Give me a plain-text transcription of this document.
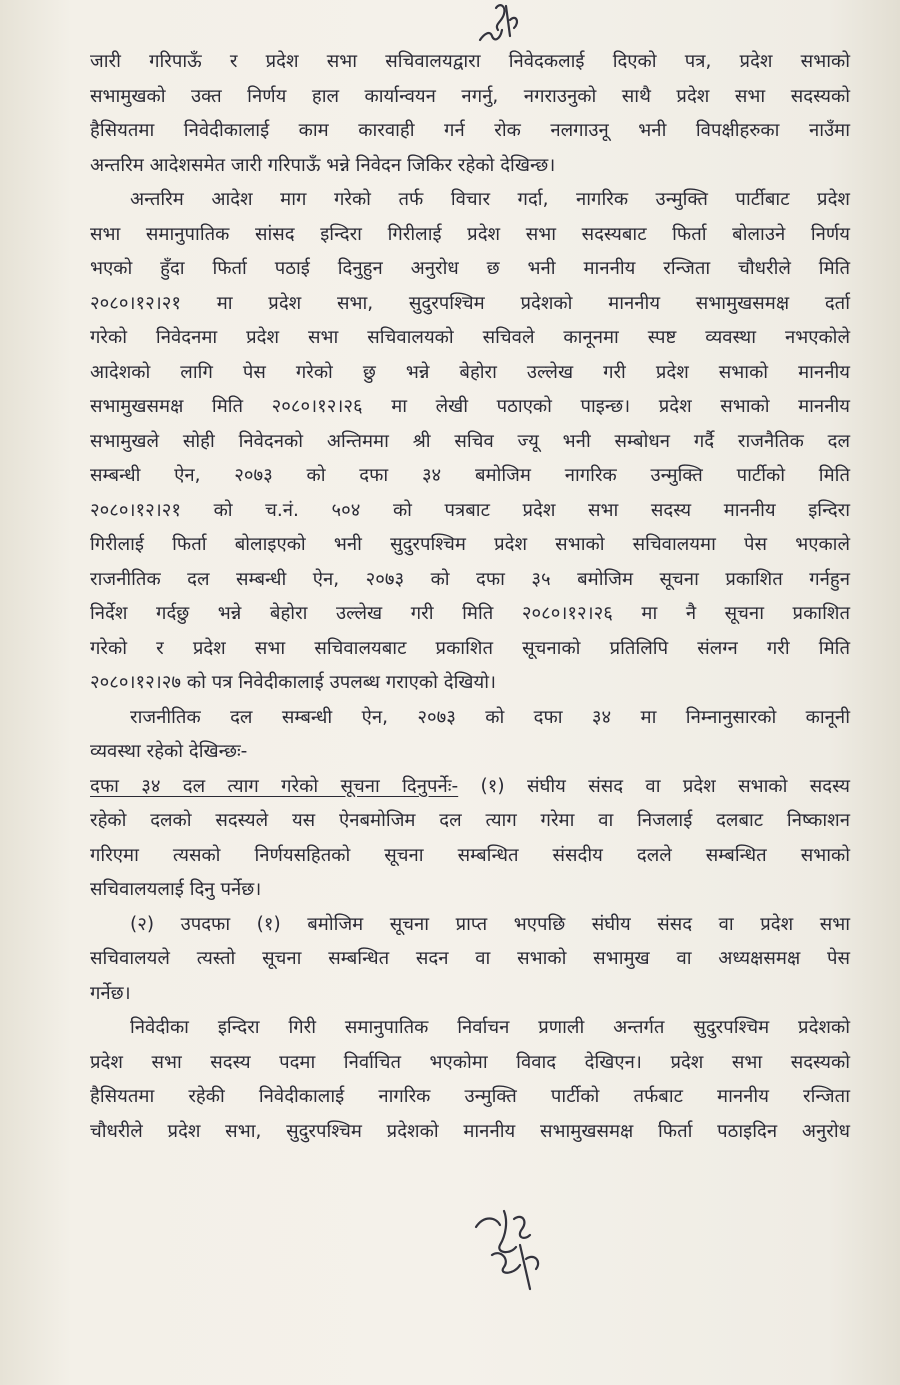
जारी गरिपाऊँ र प्रदेश सभा सचिवालयद्वारा निवेदकलाई दिएको पत्र, प्रदेश सभाको
सभामुखको उक्त निर्णय हाल कार्यान्वयन नगर्नु, नगराउनुको साथै प्रदेश सभा सदस्यको
हैसियतमा निवेदीकालाई काम कारवाही गर्न रोक नलगाउनू भनी विपक्षीहरुका नाउँमा
अन्तरिम आदेशसमेत जारी गरिपाऊँ भन्ने निवेदन जिकिर रहेको देखिन्छ।
अन्तरिम आदेश माग गरेको तर्फ विचार गर्दा, नागरिक उन्मुक्ति पार्टीबाट प्रदेश
सभा समानुपातिक सांसद इन्दिरा गिरीलाई प्रदेश सभा सदस्यबाट फिर्ता बोलाउने निर्णय
भएको हुँदा फिर्ता पठाई दिनुहुन अनुरोध छ भनी माननीय रन्जिता चौधरीले मिति
२०८०।१२।२१ मा प्रदेश सभा, सुदुरपश्चिम प्रदेशको माननीय सभामुखसमक्ष दर्ता
गरेको निवेदनमा प्रदेश सभा सचिवालयको सचिवले कानूनमा स्पष्ट व्यवस्था नभएकोले
आदेशको लागि पेस गरेको छु भन्ने बेहोरा उल्लेख गरी प्रदेश सभाको माननीय
सभामुखसमक्ष मिति २०८०।१२।२६ मा लेखी पठाएको पाइन्छ। प्रदेश सभाको माननीय
सभामुखले सोही निवेदनको अन्तिममा श्री सचिव ज्यू भनी सम्बोधन गर्दै राजनैतिक दल
सम्बन्धी ऐन, २०७३ को दफा ३४ बमोजिम नागरिक उन्मुक्ति पार्टीको मिति
२०८०।१२।२१ को च.नं. ५०४ को पत्रबाट प्रदेश सभा सदस्य माननीय इन्दिरा
गिरीलाई फिर्ता बोलाइएको भनी सुदुरपश्चिम प्रदेश सभाको सचिवालयमा पेस भएकाले
राजनीतिक दल सम्बन्धी ऐन, २०७३ को दफा ३५ बमोजिम सूचना प्रकाशित गर्नहुन
निर्देश गर्दछु भन्ने बेहोरा उल्लेख गरी मिति २०८०।१२।२६ मा नै सूचना प्रकाशित
गरेको र प्रदेश सभा सचिवालयबाट प्रकाशित सूचनाको प्रतिलिपि संलग्न गरी मिति
२०८०।१२।२७ को पत्र निवेदीकालाई उपलब्ध गराएको देखियो।
राजनीतिक दल सम्बन्धी ऐन, २०७३ को दफा ३४ मा निम्नानुसारको कानूनी
व्यवस्था रहेको देखिन्छः-
दफा ३४ दल त्याग गरेको सूचना दिनुपर्नेः- (१) संघीय संसद वा प्रदेश सभाको सदस्य
रहेको दलको सदस्यले यस ऐनबमोजिम दल त्याग गरेमा वा निजलाई दलबाट निष्काशन
गरिएमा त्यसको निर्णयसहितको सूचना सम्बन्धित संसदीय दलले सम्बन्धित सभाको
सचिवालयलाई दिनु पर्नेछ।
(२) उपदफा (१) बमोजिम सूचना प्राप्त भएपछि संघीय संसद वा प्रदेश सभा
सचिवालयले त्यस्तो सूचना सम्बन्धित सदन वा सभाको सभामुख वा अध्यक्षसमक्ष पेस
गर्नेछ।
निवेदीका इन्दिरा गिरी समानुपातिक निर्वाचन प्रणाली अन्तर्गत सुदुरपश्चिम प्रदेशको
प्रदेश सभा सदस्य पदमा निर्वाचित भएकोमा विवाद देखिएन। प्रदेश सभा सदस्यको
हैसियतमा रहेकी निवेदीकालाई नागरिक उन्मुक्ति पार्टीको तर्फबाट माननीय रन्जिता
चौधरीले प्रदेश सभा, सुदुरपश्चिम प्रदेशको माननीय सभामुखसमक्ष फिर्ता पठाइदिन अनुरोध
